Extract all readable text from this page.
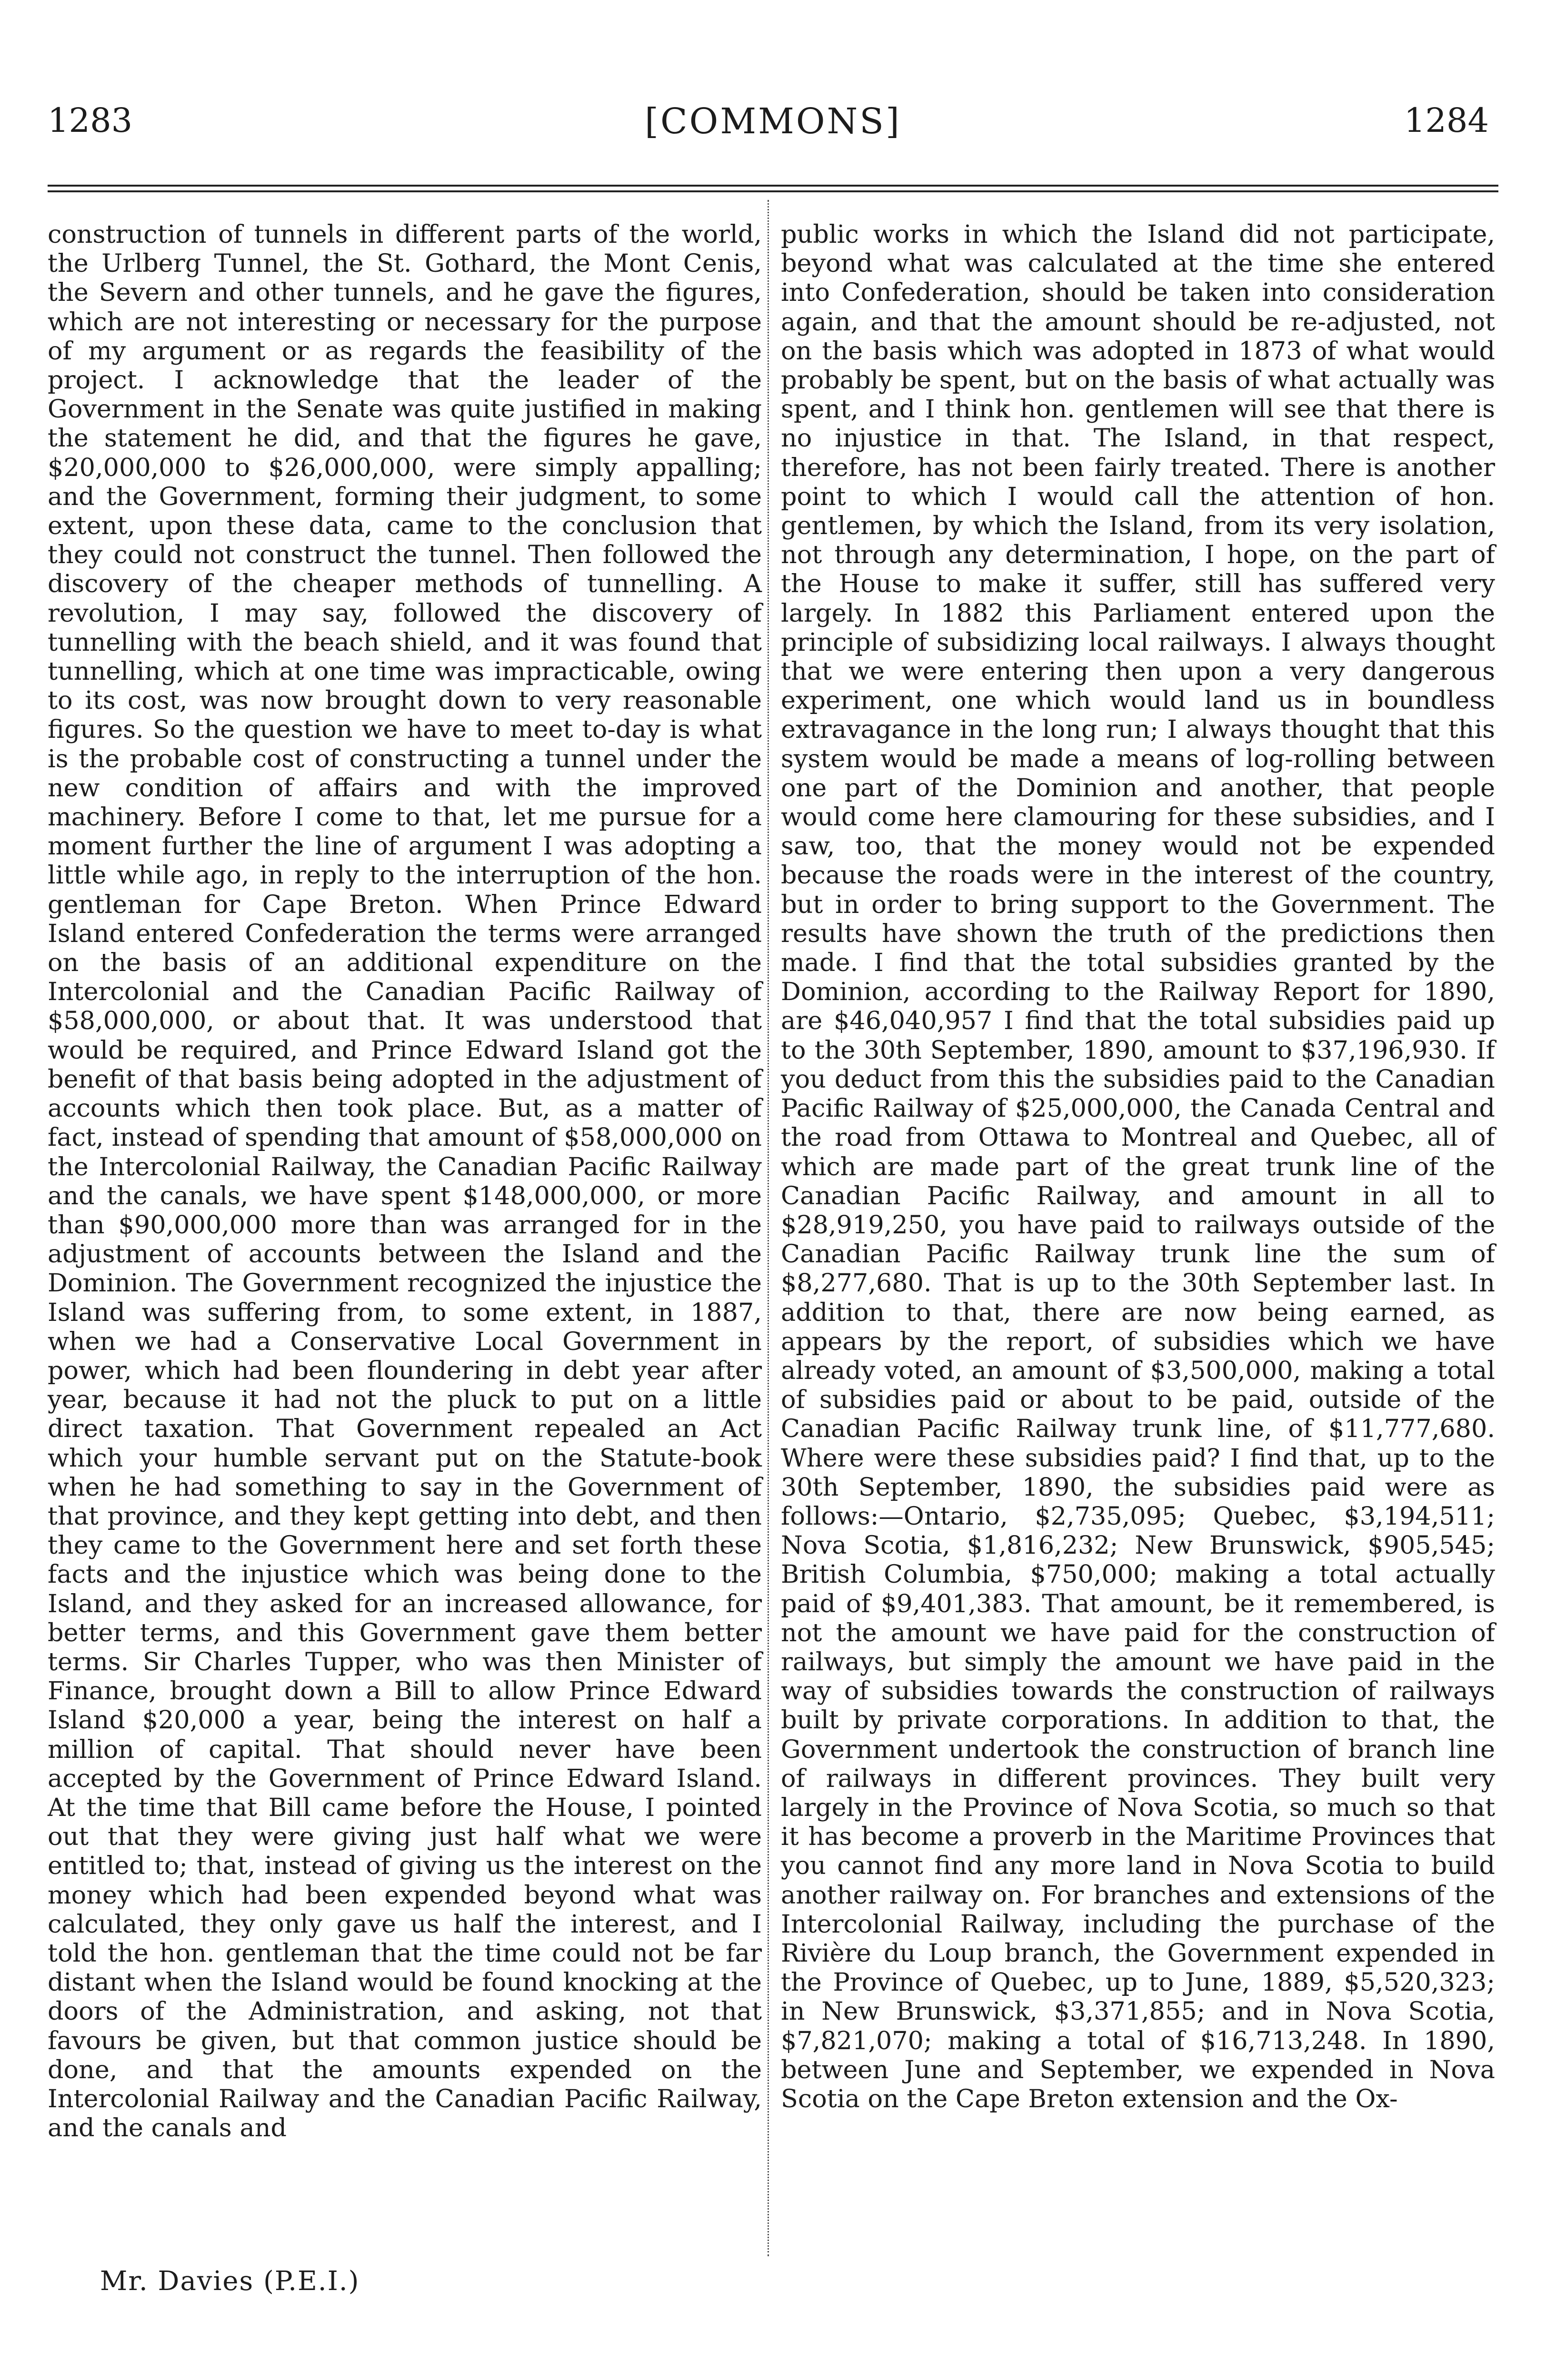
1283	[COMMONS]	1284

construction of tunnels in different parts of the world, the Urlberg Tunnel, the St. Gothard, the Mont Cenis, the Severn and other tunnels, and he gave the figures, which are not interesting or necessary for the purpose of my argument or as regards the feasibility of the project. I acknowledge that the leader of the Government in the Senate was quite justified in making the statement he did, and that the figures he gave, $20,000,000 to $26,000,000, were simply appalling; and the Government, forming their judgment, to some extent, upon these data, came to the conclusion that they could not construct the tunnel. Then followed the discovery of the cheaper methods of tunnelling. A revolution, I may say, followed the discovery of tunnelling with the beach shield, and it was found that tunnelling, which at one time was impracticable, owing to its cost, was now brought down to very reasonable figures. So the question we have to meet to-day is what is the probable cost of constructing a tunnel under the new condition of affairs and with the improved machinery. Before I come to that, let me pursue for a moment further the line of argument I was adopting a little while ago, in reply to the interruption of the hon. gentleman for Cape Breton. When Prince Edward Island entered Confederation the terms were arranged on the basis of an additional expenditure on the Intercolonial and the Canadian Pacific Railway of $58,000,000, or about that. It was understood that would be required, and Prince Edward Island got the benefit of that basis being adopted in the adjustment of accounts which then took place. But, as a matter of fact, instead of spending that amount of $58,000,000 on the Intercolonial Railway, the Canadian Pacific Railway and the canals, we have spent $148,000,000, or more than $90,000,000 more than was arranged for in the adjustment of accounts between the Island and the Dominion. The Government recognized the injustice the Island was suffering from, to some extent, in 1887, when we had a Conservative Local Government in power, which had been floundering in debt year after year, because it had not the pluck to put on a little direct taxation. That Government repealed an Act which your humble servant put on the Statute-book when he had something to say in the Government of that province, and they kept getting into debt, and then they came to the Government here and set forth these facts and the injustice which was being done to the Island, and they asked for an increased allowance, for better terms, and this Government gave them better terms. Sir Charles Tupper, who was then Minister of Finance, brought down a Bill to allow Prince Edward Island $20,000 a year, being the interest on half a million of capital. That should never have been accepted by the Government of Prince Edward Island. At the time that Bill came before the House, I pointed out that they were giving just half what we were entitled to; that, instead of giving us the interest on the money which had been expended beyond what was calculated, they only gave us half the interest, and I told the hon. gentleman that the time could not be far distant when the Island would be found knocking at the doors of the Administration, and asking, not that favours be given, but that common justice should be done, and that the amounts expended on the Intercolonial Railway and the Canadian Pacific Railway, and the canals and

public works in which the Island did not participate, beyond what was calculated at the time she entered into Confederation, should be taken into consideration again, and that the amount should be re-adjusted, not on the basis which was adopted in 1873 of what would probably be spent, but on the basis of what actually was spent, and I think hon. gentlemen will see that there is no injustice in that. The Island, in that respect, therefore, has not been fairly treated. There is another point to which I would call the attention of hon. gentlemen, by which the Island, from its very isolation, not through any determination, I hope, on the part of the House to make it suffer, still has suffered very largely. In 1882 this Parliament entered upon the principle of subsidizing local railways. I always thought that we were entering then upon a very dangerous experiment, one which would land us in boundless extravagance in the long run; I always thought that this system would be made a means of log-rolling between one part of the Dominion and another, that people would come here clamouring for these subsidies, and I saw, too, that the money would not be expended because the roads were in the interest of the country, but in order to bring support to the Government. The results have shown the truth of the predictions then made. I find that the total subsidies granted by the Dominion, according to the Railway Report for 1890, are $46,040,957 I find that the total subsidies paid up to the 30th September, 1890, amount to $37,196,930. If you deduct from this the subsidies paid to the Canadian Pacific Railway of $25,000,000, the Canada Central and the road from Ottawa to Montreal and Quebec, all of which are made part of the great trunk line of the Canadian Pacific Railway, and amount in all to $28,919,250, you have paid to railways outside of the Canadian Pacific Railway trunk line the sum of $8,277,680. That is up to the 30th September last. In addition to that, there are now being earned, as appears by the report, of subsidies which we have already voted, an amount of $3,500,000, making a total of subsidies paid or about to be paid, outside of the Canadian Pacific Railway trunk line, of $11,777,680. Where were these subsidies paid? I find that, up to the 30th September, 1890, the subsidies paid were as follows:—Ontario, $2,735,095; Quebec, $3,194,511; Nova Scotia, $1,816,232; New Brunswick, $905,545; British Columbia, $750,000; making a total actually paid of $9,401,383. That amount, be it remembered, is not the amount we have paid for the construction of railways, but simply the amount we have paid in the way of subsidies towards the construction of railways built by private corporations. In addition to that, the Government undertook the construction of branch line of railways in different provinces. They built very largely in the Province of Nova Scotia, so much so that it has become a proverb in the Maritime Provinces that you cannot find any more land in Nova Scotia to build another railway on. For branches and extensions of the Intercolonial Railway, including the purchase of the Rivière du Loup branch, the Government expended in the Province of Quebec, up to June, 1889, $5,520,323; in New Brunswick, $3,371,855; and in Nova Scotia, $7,821,070; making a total of $16,713,248. In 1890, between June and September, we expended in Nova Scotia on the Cape Breton extension and the Ox-

Mr. Davies (P.E.I.)
